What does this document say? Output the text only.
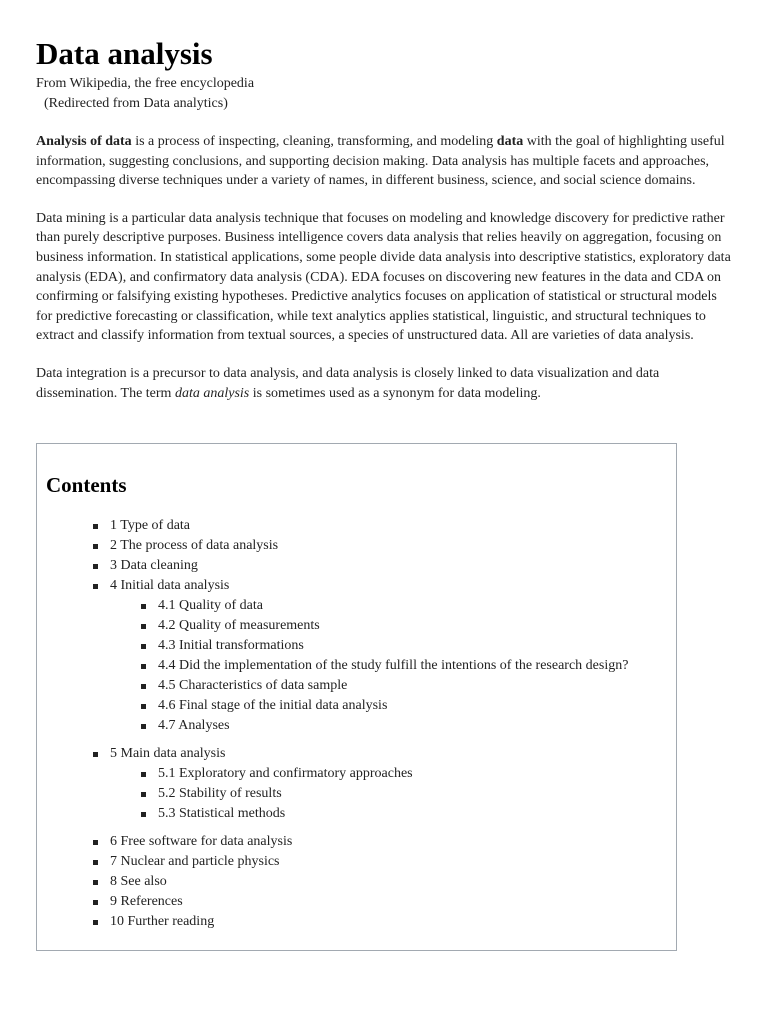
Data analysis
From Wikipedia, the free encyclopedia
(Redirected from Data analytics)

Analysis of data is a process of inspecting, cleaning, transforming, and modeling data with the goal of highlighting useful information, suggesting conclusions, and supporting decision making. Data analysis has multiple facets and approaches, encompassing diverse techniques under a variety of names, in different business, science, and social science domains.

Data mining is a particular data analysis technique that focuses on modeling and knowledge discovery for predictive rather than purely descriptive purposes. Business intelligence covers data analysis that relies heavily on aggregation, focusing on business information. In statistical applications, some people divide data analysis into descriptive statistics, exploratory data analysis (EDA), and confirmatory data analysis (CDA). EDA focuses on discovering new features in the data and CDA on confirming or falsifying existing hypotheses. Predictive analytics focuses on application of statistical or structural models for predictive forecasting or classification, while text analytics applies statistical, linguistic, and structural techniques to extract and classify information from textual sources, a species of unstructured data. All are varieties of data analysis.

Data integration is a precursor to data analysis, and data analysis is closely linked to data visualization and data dissemination. The term data analysis is sometimes used as a synonym for data modeling.

Contents
1 Type of data
2 The process of data analysis
3 Data cleaning
4 Initial data analysis
4.1 Quality of data
4.2 Quality of measurements
4.3 Initial transformations
4.4 Did the implementation of the study fulfill the intentions of the research design?
4.5 Characteristics of data sample
4.6 Final stage of the initial data analysis
4.7 Analyses
5 Main data analysis
5.1 Exploratory and confirmatory approaches
5.2 Stability of results
5.3 Statistical methods
6 Free software for data analysis
7 Nuclear and particle physics
8 See also
9 References
10 Further reading
